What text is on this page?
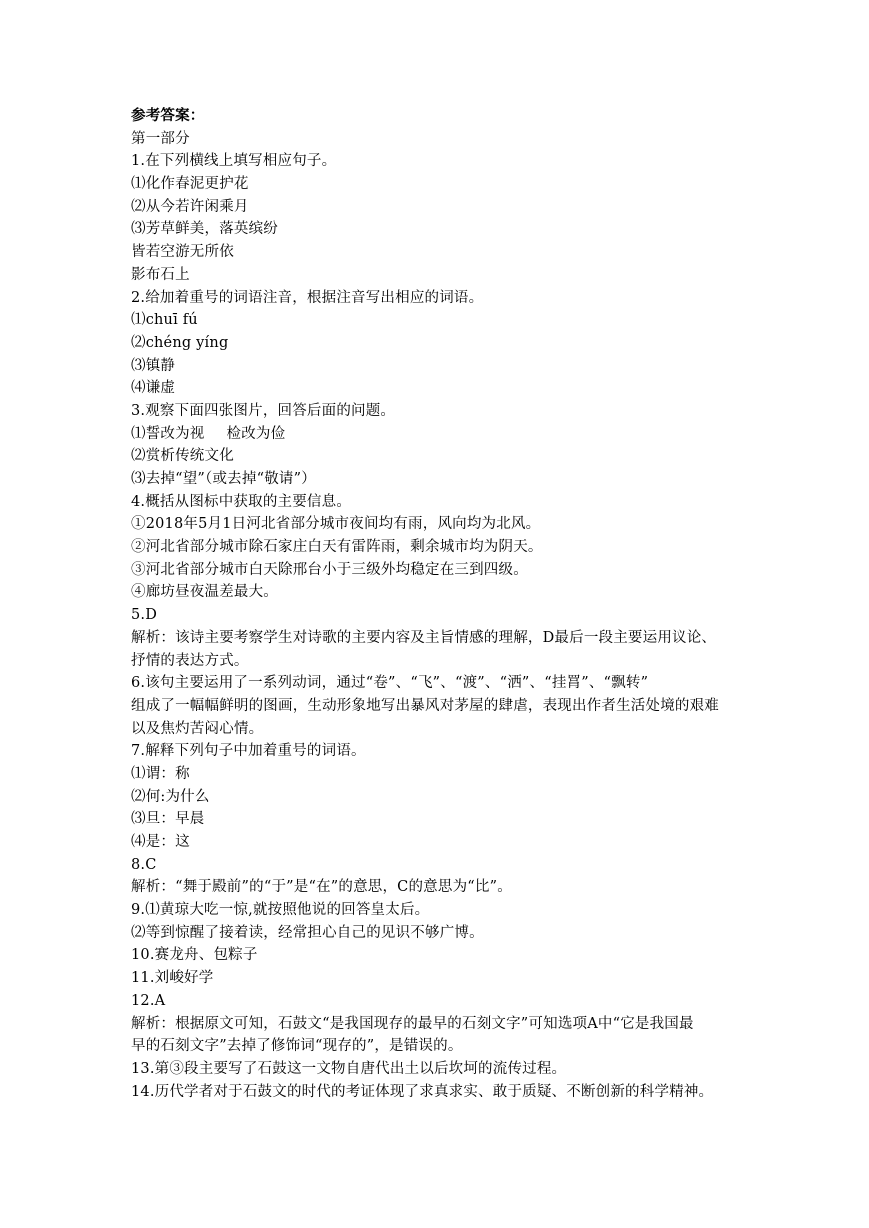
参考答案：
第一部分
1.在下列横线上填写相应句子。
⑴化作春泥更护花
⑵从今若许闲乘月
⑶芳草鲜美，落英缤纷
皆若空游无所依
影布石上
2.给加着重号的词语注音，根据注音写出相应的词语。
⑴chuī fú
⑵chéng yíng
⑶镇静
⑷谦虚
3.观察下面四张图片，回答后面的问题。
⑴誓改为视 检改为俭
⑵赏析传统文化
⑶去掉“望”（或去掉“敬请”）
4.概括从图标中获取的主要信息。
①2018年5月1日河北省部分城市夜间均有雨，风向均为北风。
②河北省部分城市除石家庄白天有雷阵雨，剩余城市均为阴天。
③河北省部分城市白天除邢台小于三级外均稳定在三到四级。
④廊坊昼夜温差最大。
5.D
解析：该诗主要考察学生对诗歌的主要内容及主旨情感的理解，D最后一段主要运用议论、
抒情的表达方式。
6.该句主要运用了一系列动词，通过“卷”、“飞”、“渡”、“洒”、“挂罥”、“飘转”
组成了一幅幅鲜明的图画，生动形象地写出暴风对茅屋的肆虐，表现出作者生活处境的艰难
以及焦灼苦闷心情。
7.解释下列句子中加着重号的词语。
⑴谓：称
⑵何:为什么
⑶旦：早晨
⑷是：这
8.C
解析：“舞于殿前”的“于”是“在”的意思，C的意思为“比”。
9.⑴黄琼大吃一惊,就按照他说的回答皇太后。
⑵等到惊醒了接着读，经常担心自己的见识不够广博。
10.赛龙舟、包粽子
11.刘峻好学
12.A
解析：根据原文可知，石鼓文“是我国现存的最早的石刻文字”可知选项A中“它是我国最
早的石刻文字”去掉了修饰词“现存的”，是错误的。
13.第③段主要写了石鼓这一文物自唐代出土以后坎坷的流传过程。
14.历代学者对于石鼓文的时代的考证体现了求真求实、敢于质疑、不断创新的科学精神。
